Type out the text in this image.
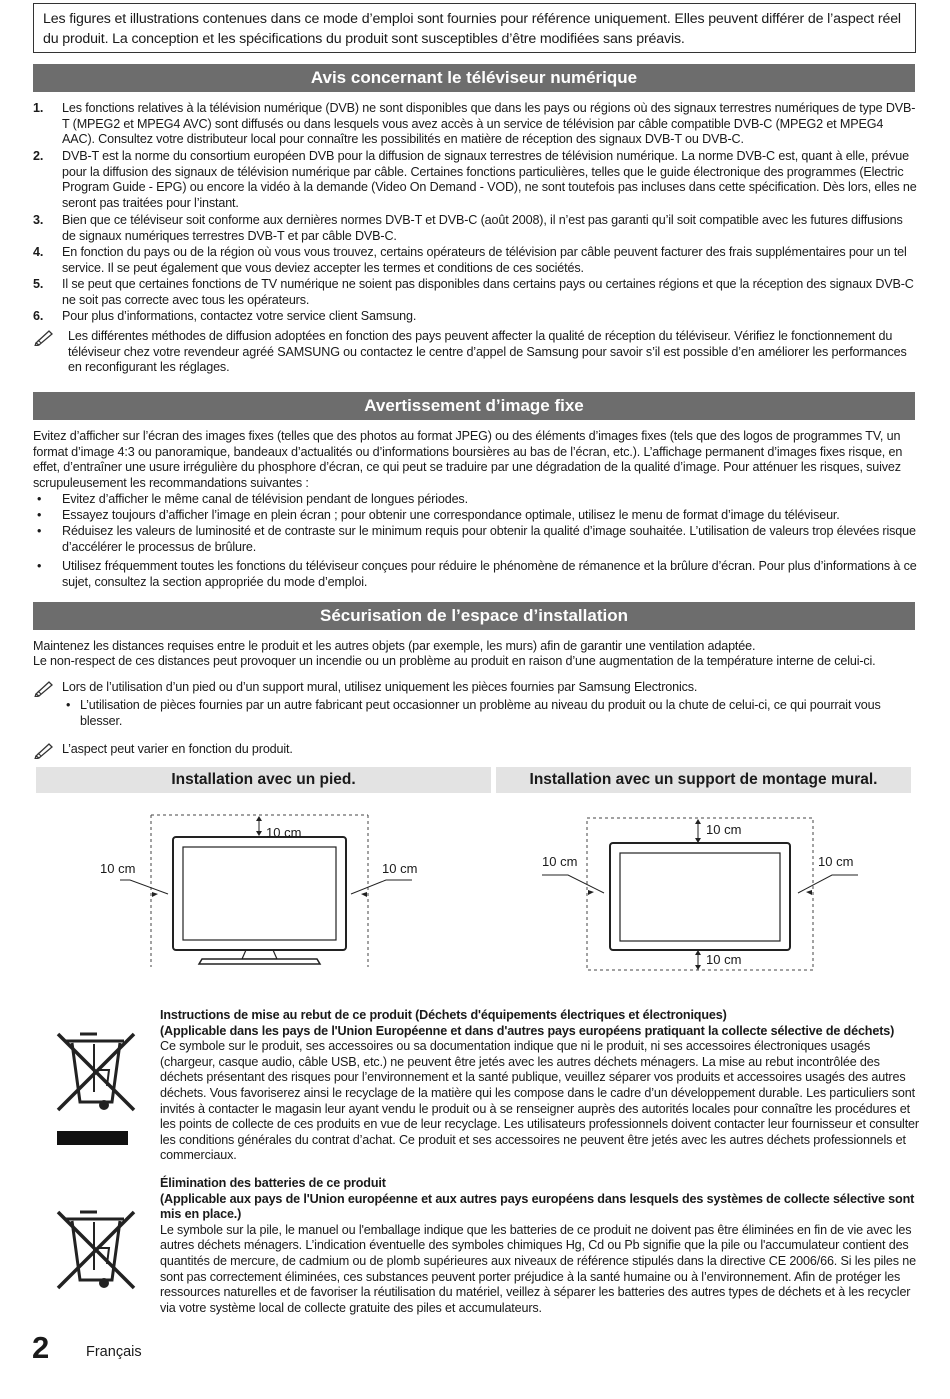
Les figures et illustrations contenues dans ce mode d’emploi sont fournies pour référence uniquement. Elles peuvent différer de l’aspect réel du produit. La conception et les spécifications du produit sont susceptibles d’être modifiées sans préavis.
Avis concernant le téléviseur numérique
1. Les fonctions relatives à la télévision numérique (DVB) ne sont disponibles que dans les pays ou régions où des signaux terrestres numériques de type DVB-T (MPEG2 et MPEG4 AVC) sont diffusés ou dans lesquels vous avez accès à un service de télévision par câble compatible DVB-C (MPEG2 et MPEG4 AAC). Consultez votre distributeur local pour connaître les possibilités en matière de réception des signaux DVB-T ou DVB-C.
2. DVB-T est la norme du consortium européen DVB pour la diffusion de signaux terrestres de télévision numérique. La norme DVB-C est, quant à elle, prévue pour la diffusion des signaux de télévision numérique par câble. Certaines fonctions particulières, telles que le guide électronique des programmes (Electric Program Guide - EPG) ou encore la vidéo à la demande (Video On Demand - VOD), ne sont toutefois pas incluses dans cette spécification. Dès lors, elles ne seront pas traitées pour l’instant.
3. Bien que ce téléviseur soit conforme aux dernières normes DVB-T et DVB-C (août 2008), il n’est pas garanti qu’il soit compatible avec les futures diffusions de signaux numériques terrestres DVB-T et par câble DVB-C.
4. En fonction du pays ou de la région où vous vous trouvez, certains opérateurs de télévision par câble peuvent facturer des frais supplémentaires pour un tel service. Il se peut également que vous deviez accepter les termes et conditions de ces sociétés.
5. Il se peut que certaines fonctions de TV numérique ne soient pas disponibles dans certains pays ou certaines régions et que la réception des signaux DVB-C ne soit pas correcte avec tous les opérateurs.
6. Pour plus d’informations, contactez votre service client Samsung.
Les différentes méthodes de diffusion adoptées en fonction des pays peuvent affecter la qualité de réception du téléviseur. Vérifiez le fonctionnement du téléviseur chez votre revendeur agréé SAMSUNG ou contactez le centre d’appel de Samsung pour savoir s’il est possible d’en améliorer les performances en reconfigurant les réglages.
Avertissement d’image fixe
Evitez d’afficher sur l’écran des images fixes (telles que des photos au format JPEG) ou des éléments d’images fixes (tels que des logos de programmes TV, un format d’image 4:3 ou panoramique, bandeaux d’actualités ou d’informations boursières au bas de l’écran, etc.). L’affichage permanent d’images fixes risque, en effet, d’entraîner une usure irrégulière du phosphore d’écran, ce qui peut se traduire par une dégradation de la qualité d’image. Pour atténuer les risques, suivez scrupuleusement les recommandations suivantes :
• Evitez d’afficher le même canal de télévision pendant de longues périodes.
• Essayez toujours d’afficher l’image en plein écran ; pour obtenir une correspondance optimale, utilisez le menu de format d’image du téléviseur.
• Réduisez les valeurs de luminosité et de contraste sur le minimum requis pour obtenir la qualité d’image souhaitée. L’utilisation de valeurs trop élevées risque d’accélérer le processus de brûlure.
• Utilisez fréquemment toutes les fonctions du téléviseur conçues pour réduire le phénomène de rémanence et la brûlure d’écran. Pour plus d’informations à ce sujet, consultez la section appropriée du mode d’emploi.
Sécurisation de l’espace d’installation
Maintenez les distances requises entre le produit et les autres objets (par exemple, les murs) afin de garantir une ventilation adaptée.
Le non-respect de ces distances peut provoquer un incendie ou un problème au produit en raison d’une augmentation de la température interne de celui-ci.
Lors de l’utilisation d’un pied ou d’un support mural, utilisez uniquement les pièces fournies par Samsung Electronics.
• L’utilisation de pièces fournies par un autre fabricant peut occasionner un problème au niveau du produit ou la chute de celui-ci, ce qui pourrait vous blesser.
L’aspect peut varier en fonction du produit.
Installation avec un pied.	Installation avec un support de montage mural.
10 cm
10 cm	10 cm
10 cm
10 cm	10 cm
10 cm
Instructions de mise au rebut de ce produit (Déchets d'équipements électriques et électroniques)
(Applicable dans les pays de l'Union Européenne et dans d'autres pays européens pratiquant la collecte sélective de déchets)
Ce symbole sur le produit, ses accessoires ou sa documentation indique que ni le produit, ni ses accessoires électroniques usagés (chargeur, casque audio, câble USB, etc.) ne peuvent être jetés avec les autres déchets ménagers. La mise au rebut incontrôlée des déchets présentant des risques pour l’environnement et la santé publique, veuillez séparer vos produits et accessoires usagés des autres déchets. Vous favoriserez ainsi le recyclage de la matière qui les compose dans le cadre d’un développement durable. Les particuliers sont invités à contacter le magasin leur ayant vendu le produit ou à se renseigner auprès des autorités locales pour connaître les procédures et les points de collecte de ces produits en vue de leur recyclage. Les utilisateurs professionnels doivent contacter leur fournisseur et consulter les conditions générales du contrat d’achat. Ce produit et ses accessoires ne peuvent être jetés avec les autres déchets professionnels et commerciaux.
Élimination des batteries de ce produit
(Applicable aux pays de l'Union européenne et aux autres pays européens dans lesquels des systèmes de collecte sélective sont mis en place.)
Le symbole sur la pile, le manuel ou l'emballage indique que les batteries de ce produit ne doivent pas être éliminées en fin de vie avec les autres déchets ménagers. L’indication éventuelle des symboles chimiques Hg, Cd ou Pb signifie que la pile ou l'accumulateur contient des quantités de mercure, de cadmium ou de plomb supérieures aux niveaux de référence stipulés dans la directive CE 2006/66. Si les piles ne sont pas correctement éliminées, ces substances peuvent porter préjudice à la santé humaine ou à l’environnement. Afin de protéger les ressources naturelles et de favoriser la réutilisation du matériel, veillez à séparer les batteries des autres types de déchets et à les recycler via votre système local de collecte gratuite des piles et accumulateurs.
2	Français
